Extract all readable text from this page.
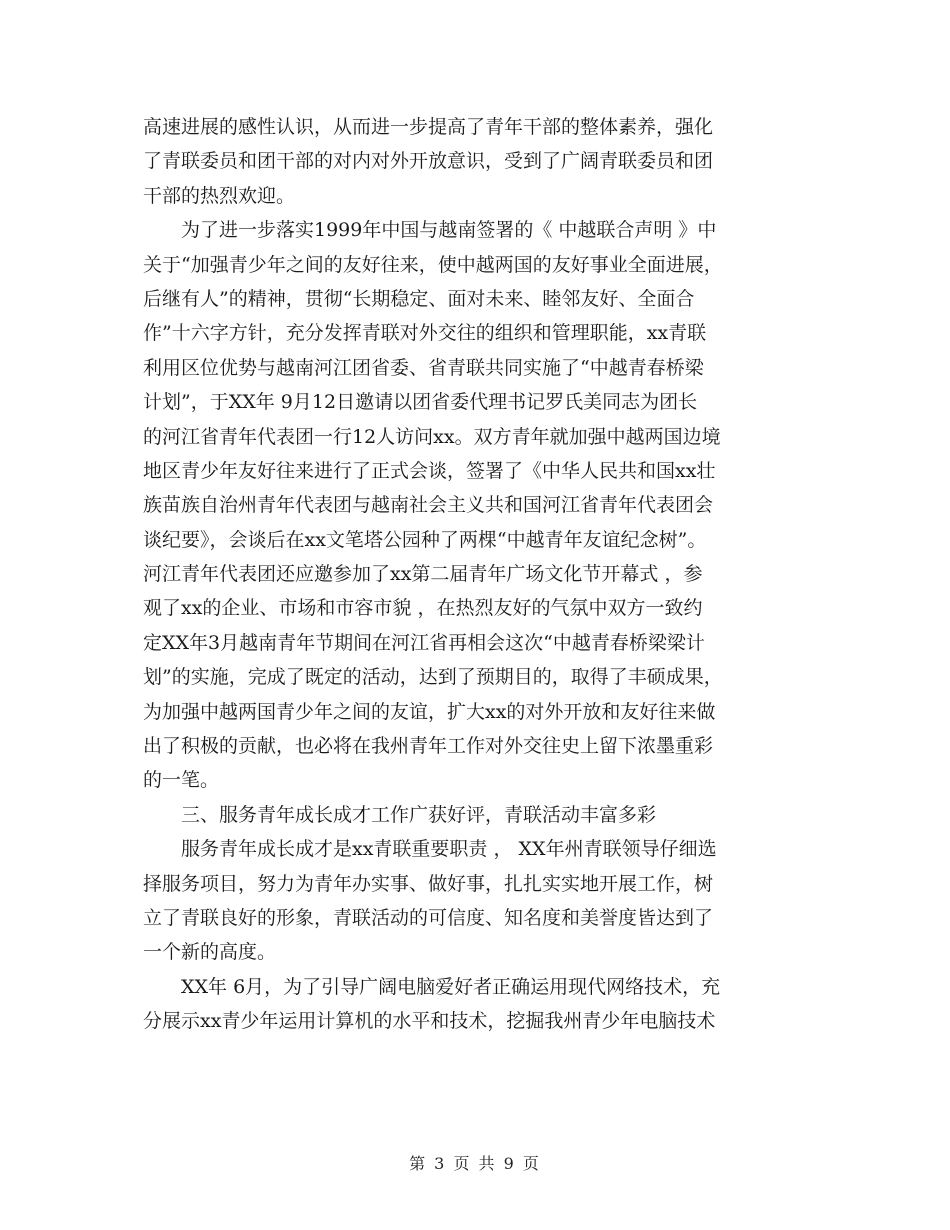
高速进展的感性认识，从而进一步提高了青年干部的整体素养，强化
了青联委员和团干部的对内对外开放意识，受到了广阔青联委员和团
干部的热烈欢迎。
　　为了进一步落实1999年中国与越南签署的《 中越联合声明 》中
关于“加强青少年之间的友好往来，使中越两国的友好事业全面进展，
后继有人”的精神，贯彻“长期稳定、面对未来、睦邻友好、全面合
作”十六字方针，充分发挥青联对外交往的组织和管理职能，xx青联
利用区位优势与越南河江团省委、省青联共同实施了“中越青春桥梁
计划”，于XX年 9月12日邀请以团省委代理书记罗氏美同志为团长
的河江省青年代表团一行12人访问xx。双方青年就加强中越两国边境
地区青少年友好往来进行了正式会谈，签署了《中华人民共和国xx壮
族苗族自治州青年代表团与越南社会主义共和国河江省青年代表团会
谈纪要》，会谈后在xx文笔塔公园种了两棵“中越青年友谊纪念树”。
河江青年代表团还应邀参加了xx第二届青年广场文化节开幕式 ，参
观了xx的企业、市场和市容市貌 ，在热烈友好的气氛中双方一致约
定XX年3月越南青年节期间在河江省再相会这次“中越青春桥梁梁计
划”的实施，完成了既定的活动，达到了预期目的，取得了丰硕成果，
为加强中越两国青少年之间的友谊，扩大xx的对外开放和友好往来做
出了积极的贡献，也必将在我州青年工作对外交往史上留下浓墨重彩
的一笔。
　　三、服务青年成长成才工作广获好评，青联活动丰富多彩
　　服务青年成长成才是xx青联重要职责 ， XX年州青联领导仔细选
择服务项目，努力为青年办实事、做好事，扎扎实实地开展工作，树
立了青联良好的形象，青联活动的可信度、知名度和美誉度皆达到了
一个新的高度。
　　XX年 6月，为了引导广阔电脑爱好者正确运用现代网络技术，充
分展示xx青少年运用计算机的水平和技术，挖掘我州青少年电脑技术
第 3 页 共 9 页
